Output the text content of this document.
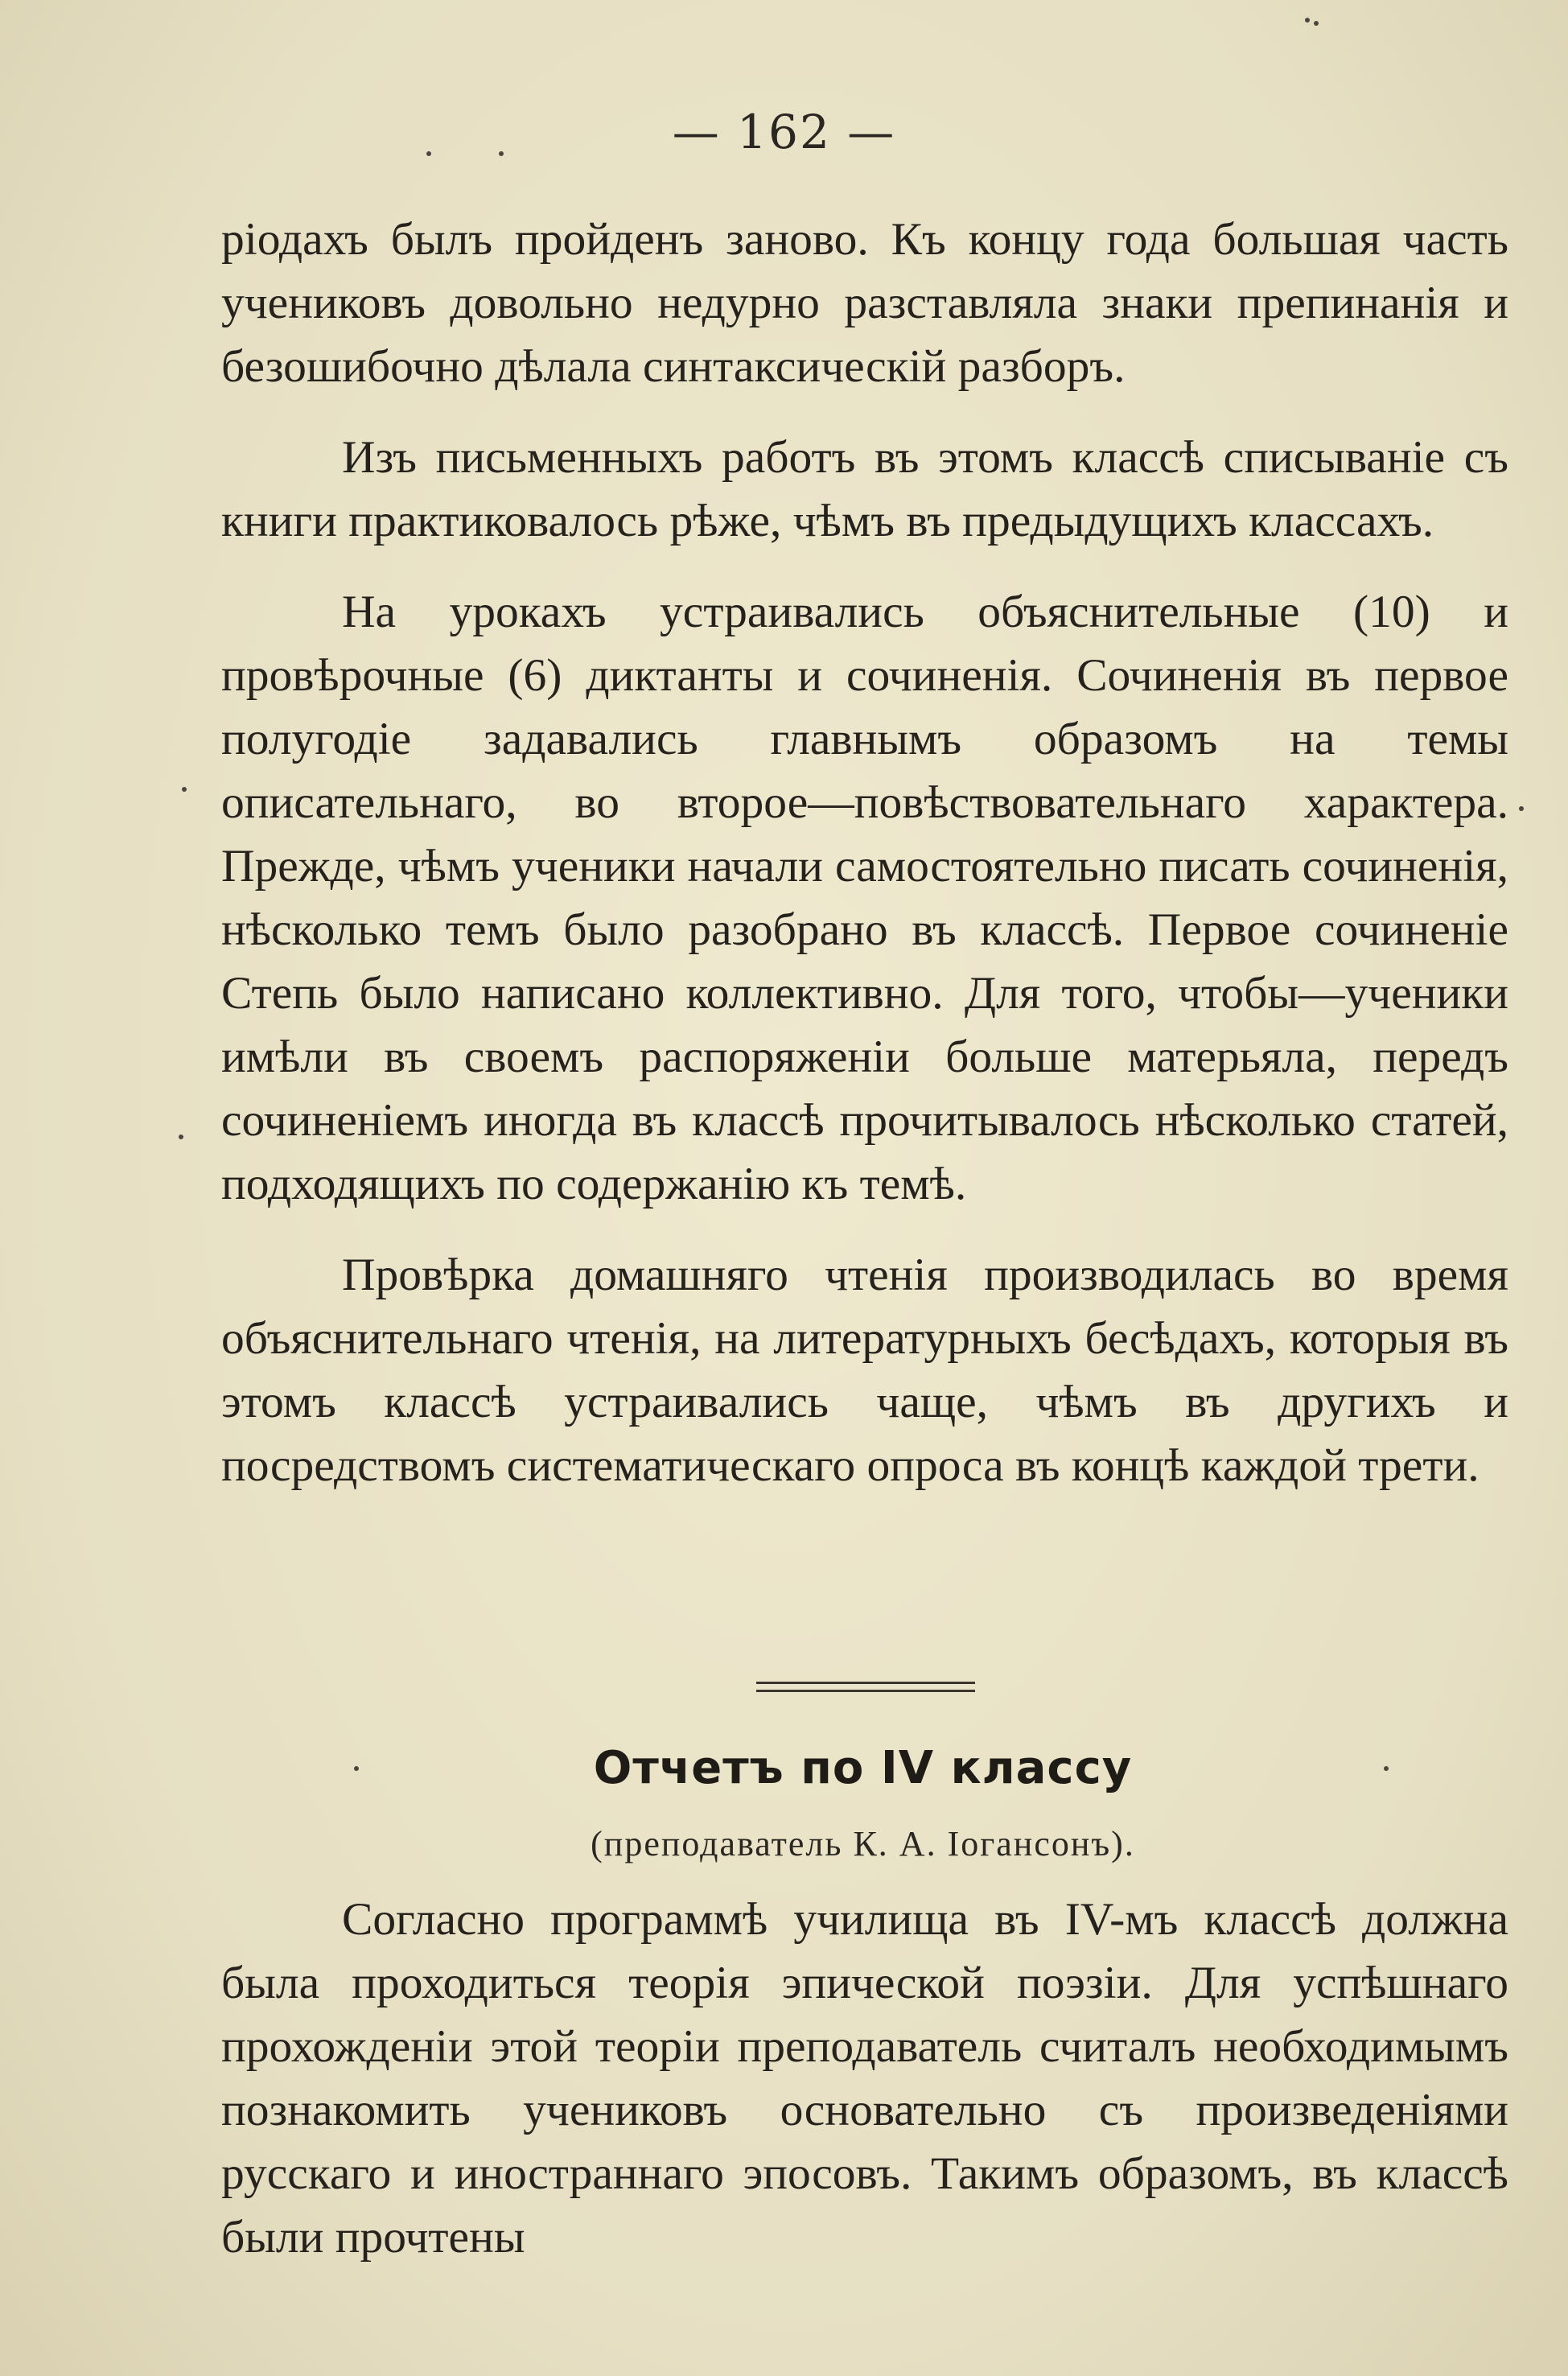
— 162 —

ріодахъ былъ пройденъ заново. Къ концу года большая часть учениковъ довольно недурно разставляла знаки препинанія и безошибочно дѣлала синтаксическій разборъ.

Изъ письменныхъ работъ въ этомъ классѣ списываніе съ книги практиковалось рѣже, чѣмъ въ предыдущихъ классахъ.

На урокахъ устраивались объяснительные (10) и провѣрочные (6) диктанты и сочиненія. Сочиненія въ первое полугодіе задавались главнымъ образомъ на темы описательнаго, во второе—повѣствовательнаго характера. Прежде, чѣмъ ученики начали самостоятельно писать сочиненія, нѣсколько темъ было разобрано въ классѣ. Первое сочиненіе Степь было написано коллективно. Для того, чтобы—ученики имѣли въ своемъ распоряженіи больше матерьяла, передъ сочиненіемъ иногда въ классѣ прочитывалось нѣсколько статей, подходящихъ по содержанію къ темѣ.

Провѣрка домашняго чтенія производилась во время объяснительнаго чтенія, на литературныхъ бесѣдахъ, которыя въ этомъ классѣ устраивались чаще, чѣмъ въ другихъ и посредствомъ систематическаго опроса въ концѣ каждой трети.

Отчетъ по IV классу
(преподаватель К. А. Іогансонъ).

Согласно программѣ училища въ IV-мъ классѣ должна была проходиться теорія эпической поэзіи. Для успѣшнаго прохожденіи этой теоріи преподаватель считалъ необходимымъ познакомить учениковъ основательно съ произведеніями русскаго и иностраннаго эпосовъ. Такимъ образомъ, въ классѣ были прочтены
